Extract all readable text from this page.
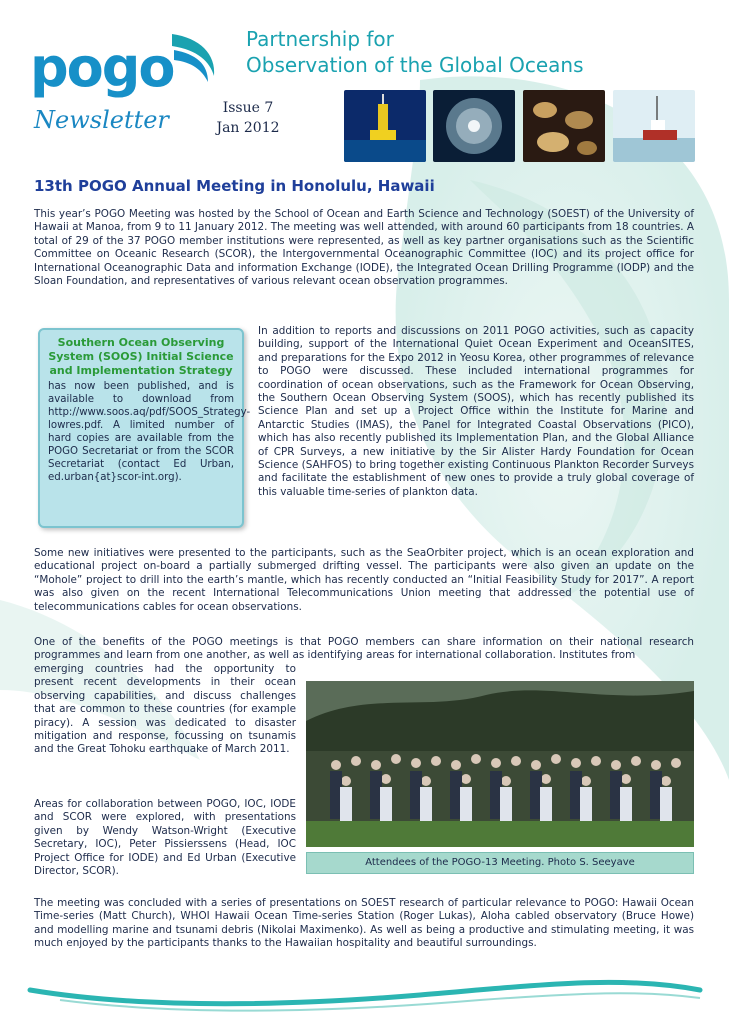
pogo	Partnership for
Observation of the Global Oceans
Newsletter	Issue 7
Jan 2012
13th POGO Annual Meeting in Honolulu, Hawaii

This year’s POGO Meeting was hosted by the School of Ocean and Earth Science and Technology (SOEST) of the University of Hawaii at Manoa, from 9 to 11 January 2012. The meeting was well attended, with around 60 participants from 18 countries. A total of 29 of the 37 POGO member institutions were represented, as well as key partner organisations such as the Scientific Committee on Oceanic Research (SCOR), the Intergovernmental Oceanographic Committee (IOC) and its project office for International Oceanographic Data and information Exchange (IODE), the Integrated Ocean Drilling Programme (IODP) and the Sloan Foundation, and representatives of various relevant ocean observation programmes.

Southern Ocean Observing System (SOOS) Initial Science and Implementation Strategy

has now been published, and is available to download from http://www.soos.aq/pdf/SOOS_Strategy-lowres.pdf. A limited number of hard copies are available from the POGO Secretariat or from the SCOR Secretariat (contact Ed Urban, ed.urban{at}scor-int.org).

In addition to reports and discussions on 2011 POGO activities, such as capacity building, support of the International Quiet Ocean Experiment and OceanSITES, and preparations for the Expo 2012 in Yeosu Korea, other programmes of relevance to POGO were discussed. These included international programmes for coordination of ocean observations, such as the Framework for Ocean Observing, the Southern Ocean Observing System (SOOS), which has recently published its Science Plan and set up a Project Office within the Institute for Marine and Antarctic Studies (IMAS), the Panel for Integrated Coastal Observations (PICO), which has also recently published its Implementation Plan, and the Global Alliance of CPR Surveys, a new initiative by the Sir Alister Hardy Foundation for Ocean Science (SAHFOS) to bring together existing Continuous Plankton Recorder Surveys and facilitate the establishment of new ones to provide a truly global coverage of this valuable time-series of plankton data.

Some new initiatives were presented to the participants, such as the SeaOrbiter project, which is an ocean exploration and educational project on-board a partially submerged drifting vessel. The participants were also given an update on the “Mohole” project to drill into the earth’s mantle, which has recently conducted an “Initial Feasibility Study for 2017”. A report was also given on the recent International Telecommunications Union meeting that addressed the potential use of telecommunications cables for ocean observations.

One of the benefits of the POGO meetings is that POGO members can share information on their national research programmes and learn from one another, as well as identifying areas for international collaboration. Institutes from

emerging countries had the opportunity to present recent developments in their ocean observing capabilities, and discuss challenges that are common to these countries (for example piracy). A session was dedicated to disaster mitigation and response, focussing on tsunamis and the Great Tohoku earthquake of March 2011.

Areas for collaboration between POGO, IOC, IODE and SCOR were explored, with presentations given by Wendy Watson-Wright (Executive Secretary, IOC), Peter Pissierssens (Head, IOC Project Office for IODE) and Ed Urban (Executive Director, SCOR).

Attendees of the POGO-13 Meeting. Photo S. Seeyave

The meeting was concluded with a series of presentations on SOEST research of particular relevance to POGO: Hawaii Ocean Time-series (Matt Church), WHOI Hawaii Ocean Time-series Station (Roger Lukas), Aloha cabled observatory (Bruce Howe) and modelling marine and tsunami debris (Nikolai Maximenko). As well as being a productive and stimulating meeting, it was much enjoyed by the participants thanks to the Hawaiian hospitality and beautiful surroundings.
